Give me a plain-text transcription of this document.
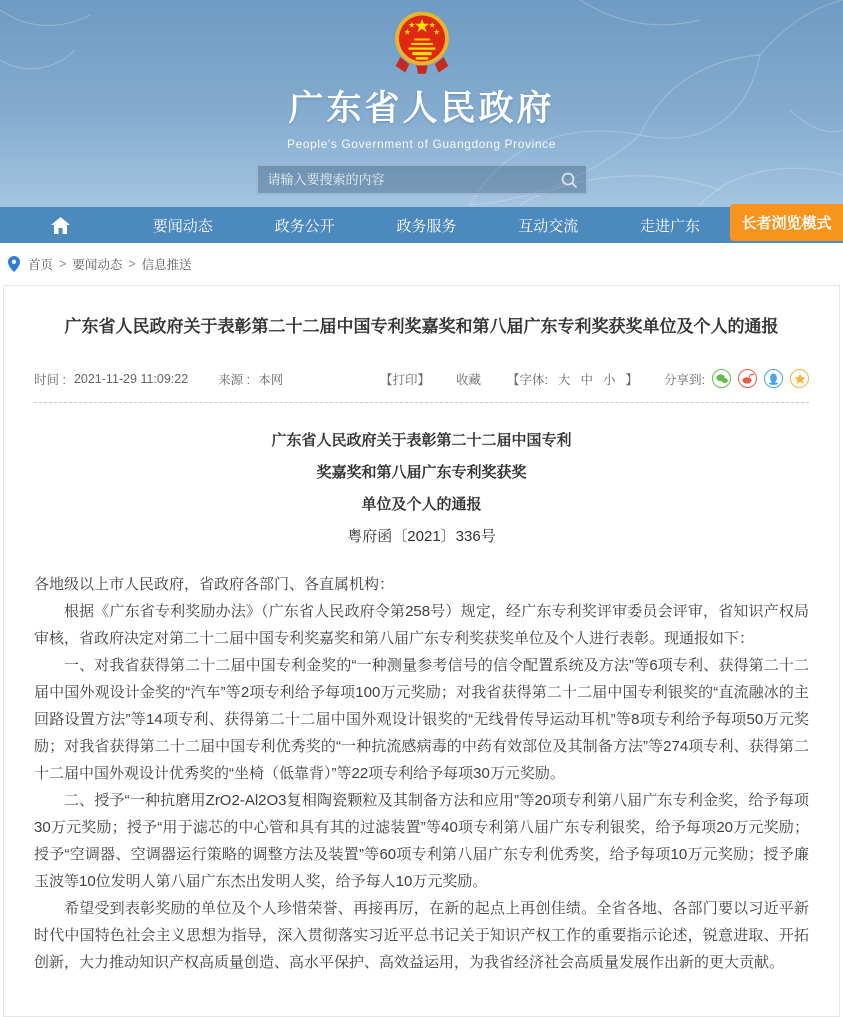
广东省人民政府
People's Government of Guangdong Province
请输入要搜索的内容
要闻动态	政务公开	政务服务	互动交流	走进广东	长者浏览模式
首页 > 要闻动态 > 信息推送
广东省人民政府关于表彰第二十二届中国专利奖嘉奖和第八届广东专利奖获奖单位及个人的通报
时间 : 2021-11-29 11:09:22 来源 : 本网	【打印】 收藏 【字体: 大 中 小 】 分享到:
广东省人民政府关于表彰第二十二届中国专利
奖嘉奖和第八届广东专利奖获奖
单位及个人的通报
粤府函〔2021〕336号

各地级以上市人民政府，省政府各部门、各直属机构：

根据《广东省专利奖励办法》（广东省人民政府令第258号）规定，经广东专利奖评审委员会评审，省知识产权局审核，省政府决定对第二十二届中国专利奖嘉奖和第八届广东专利奖获奖单位及个人进行表彰。现通报如下：

一、对我省获得第二十二届中国专利金奖的“一种测量参考信号的信令配置系统及方法”等6项专利、获得第二十二届中国外观设计金奖的“汽车”等2项专利给予每项100万元奖励；对我省获得第二十二届中国专利银奖的“直流融冰的主回路设置方法”等14项专利、获得第二十二届中国外观设计银奖的“无线骨传导运动耳机”等8项专利给予每项50万元奖励；对我省获得第二十二届中国专利优秀奖的“一种抗流感病毒的中药有效部位及其制备方法”等274项专利、获得第二十二届中国外观设计优秀奖的“坐椅（低靠背）”等22项专利给予每项30万元奖励。

二、授予“一种抗磨用ZrO2-Al2O3复相陶瓷颗粒及其制备方法和应用”等20项专利第八届广东专利金奖，给予每项30万元奖励；授予“用于滤芯的中心管和具有其的过滤装置”等40项专利第八届广东专利银奖，给予每项20万元奖励；授予“空调器、空调器运行策略的调整方法及装置”等60项专利第八届广东专利优秀奖，给予每项10万元奖励；授予廉玉波等10位发明人第八届广东杰出发明人奖，给予每人10万元奖励。

希望受到表彰奖励的单位及个人珍惜荣誉、再接再厉，在新的起点上再创佳绩。全省各地、各部门要以习近平新时代中国特色社会主义思想为指导，深入贯彻落实习近平总书记关于知识产权工作的重要指示论述，锐意进取、开拓创新，大力推动知识产权高质量创造、高水平保护、高效益运用，为我省经济社会高质量发展作出新的更大贡献。
